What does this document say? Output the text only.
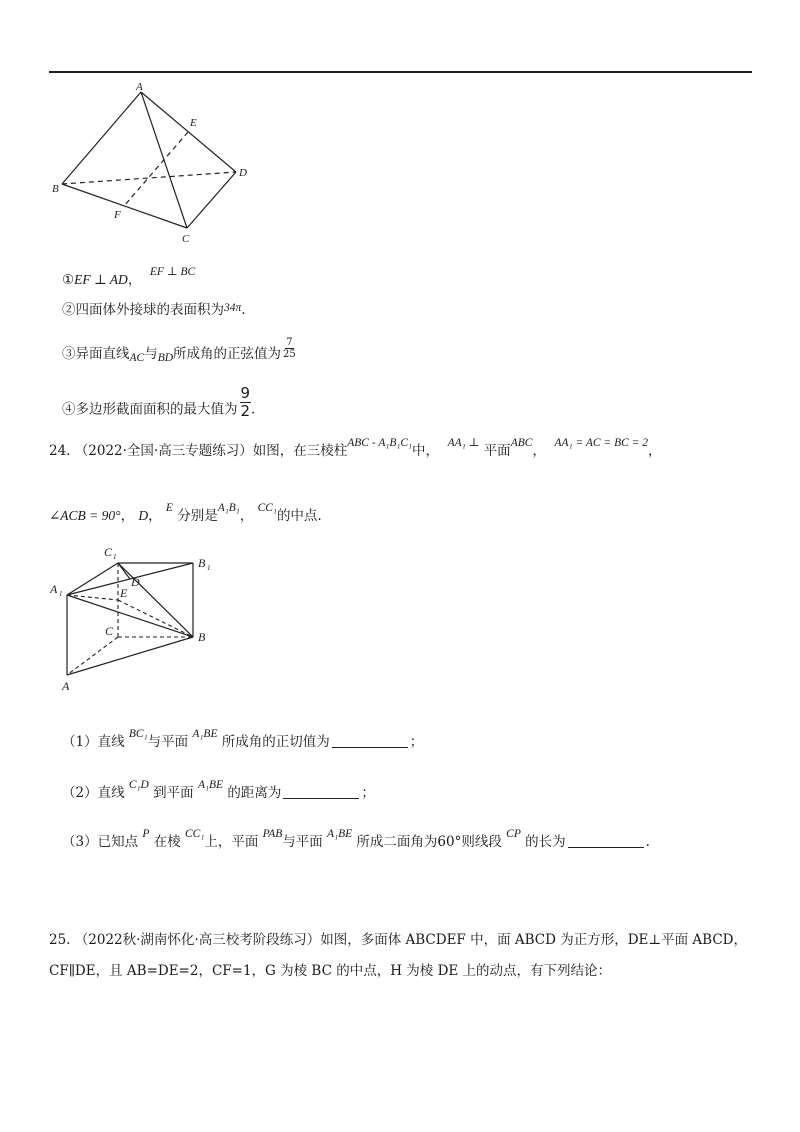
A
E
D
B
F
C
①EF ⊥ AD， EF ⊥ BC
②四面体外接球的表面积为34π.
③异面直线AC与BD所成角的正弦值为 $\frac{7}{25}$
④多边形截面面积的最大值为 $\frac{9}{2}$ .
24. （2022·全国·高三专题练习）如图，在三棱柱ABC - A₁B₁C₁中， AA₁ ⊥ 平面ABC， AA₁ = AC = BC = 2，
∠ACB = 90°， D， E 分别是A₁B₁， CC₁的中点.
C 1	B 1
A 1
D
E
C	B
A
（1）直线 BC₁与平面 A₁BE 所成角的正切值为	；
（2）直线 C₁D 到平面 A₁BE 的距离为	；
（3）已知点 P 在棱 CC₁上，平面 PAB与平面 A₁BE 所成二面角为60°则线段 CP 的长为	.
25. （2022秋·湖南怀化·高三校考阶段练习）如图，多面体 ABCDEF 中，面 ABCD 为正方形，DE⊥平面 ABCD，
CF∥DE，且 AB=DE=2，CF=1，G 为棱 BC 的中点，H 为棱 DE 上的动点，有下列结论：
